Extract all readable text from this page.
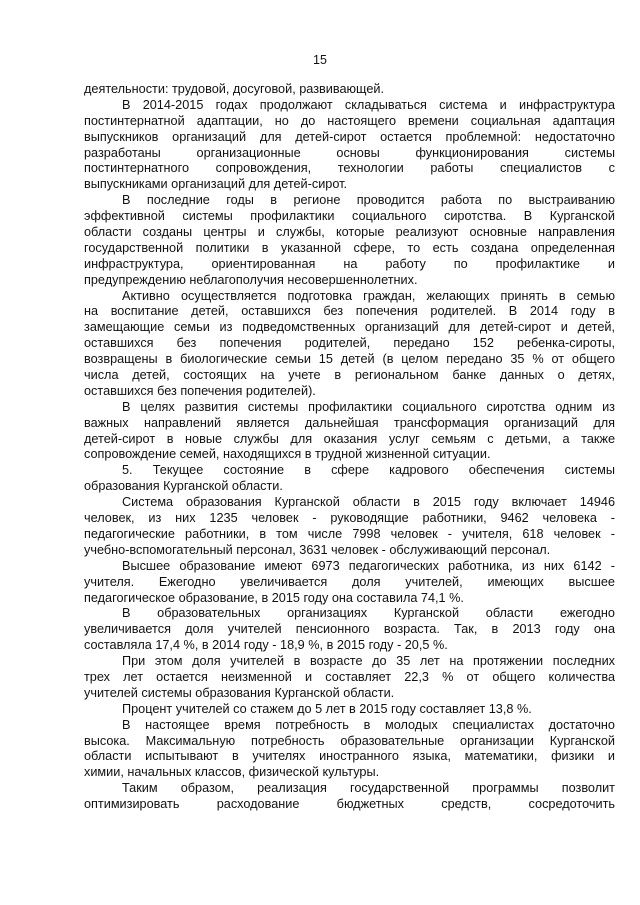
15
деятельности: трудовой, досуговой, развивающей.
В 2014-2015 годах продолжают складываться система и инфраструктура
постинтернатной адаптации, но до настоящего времени социальная адаптация
выпускников организаций для детей-сирот остается проблемной: недостаточно
разработаны организационные основы функционирования системы
постинтернатного сопровождения, технологии работы специалистов с
выпускниками организаций для детей-сирот.
В последние годы в регионе проводится работа по выстраиванию
эффективной системы профилактики социального сиротства. В Курганской
области созданы центры и службы, которые реализуют основные направления
государственной политики в указанной сфере, то есть создана определенная
инфраструктура, ориентированная на работу по профилактике и
предупреждению неблагополучия несовершеннолетних.
Активно осуществляется подготовка граждан, желающих принять в семью
на воспитание детей, оставшихся без попечения родителей. В 2014 году в
замещающие семьи из подведомственных организаций для детей-сирот и детей,
оставшихся без попечения родителей, передано 152 ребенка-сироты,
возвращены в биологические семьи 15 детей (в целом передано 35 % от общего
числа детей, состоящих на учете в региональном банке данных о детях,
оставшихся без попечения родителей).
В целях развития системы профилактики социального сиротства одним из
важных направлений является дальнейшая трансформация организаций для
детей-сирот в новые службы для оказания услуг семьям с детьми, а также
сопровождение семей, находящихся в трудной жизненной ситуации.
5. Текущее состояние в сфере кадрового обеспечения системы
образования Курганской области.
Система образования Курганской области в 2015 году включает 14946
человек, из них 1235 человек - руководящие работники, 9462 человека -
педагогические работники, в том числе 7998 человек - учителя, 618 человек -
учебно-вспомогательный персонал, 3631 человек - обслуживающий персонал.
Высшее образование имеют 6973 педагогических работника, из них 6142 -
учителя. Ежегодно увеличивается доля учителей, имеющих высшее
педагогическое образование, в 2015 году она составила 74,1 %.
В образовательных организациях Курганской области ежегодно
увеличивается доля учителей пенсионного возраста. Так, в 2013 году она
составляла 17,4 %, в 2014 году - 18,9 %, в 2015 году - 20,5 %.
При этом доля учителей в возрасте до 35 лет на протяжении последних
трех лет остается неизменной и составляет 22,3 % от общего количества
учителей системы образования Курганской области.
Процент учителей со стажем до 5 лет в 2015 году составляет 13,8 %.
В настоящее время потребность в молодых специалистах достаточно
высока. Максимальную потребность образовательные организации Курганской
области испытывают в учителях иностранного языка, математики, физики и
химии, начальных классов, физической культуры.
Таким образом, реализация государственной программы позволит
оптимизировать расходование бюджетных средств, сосредоточить
